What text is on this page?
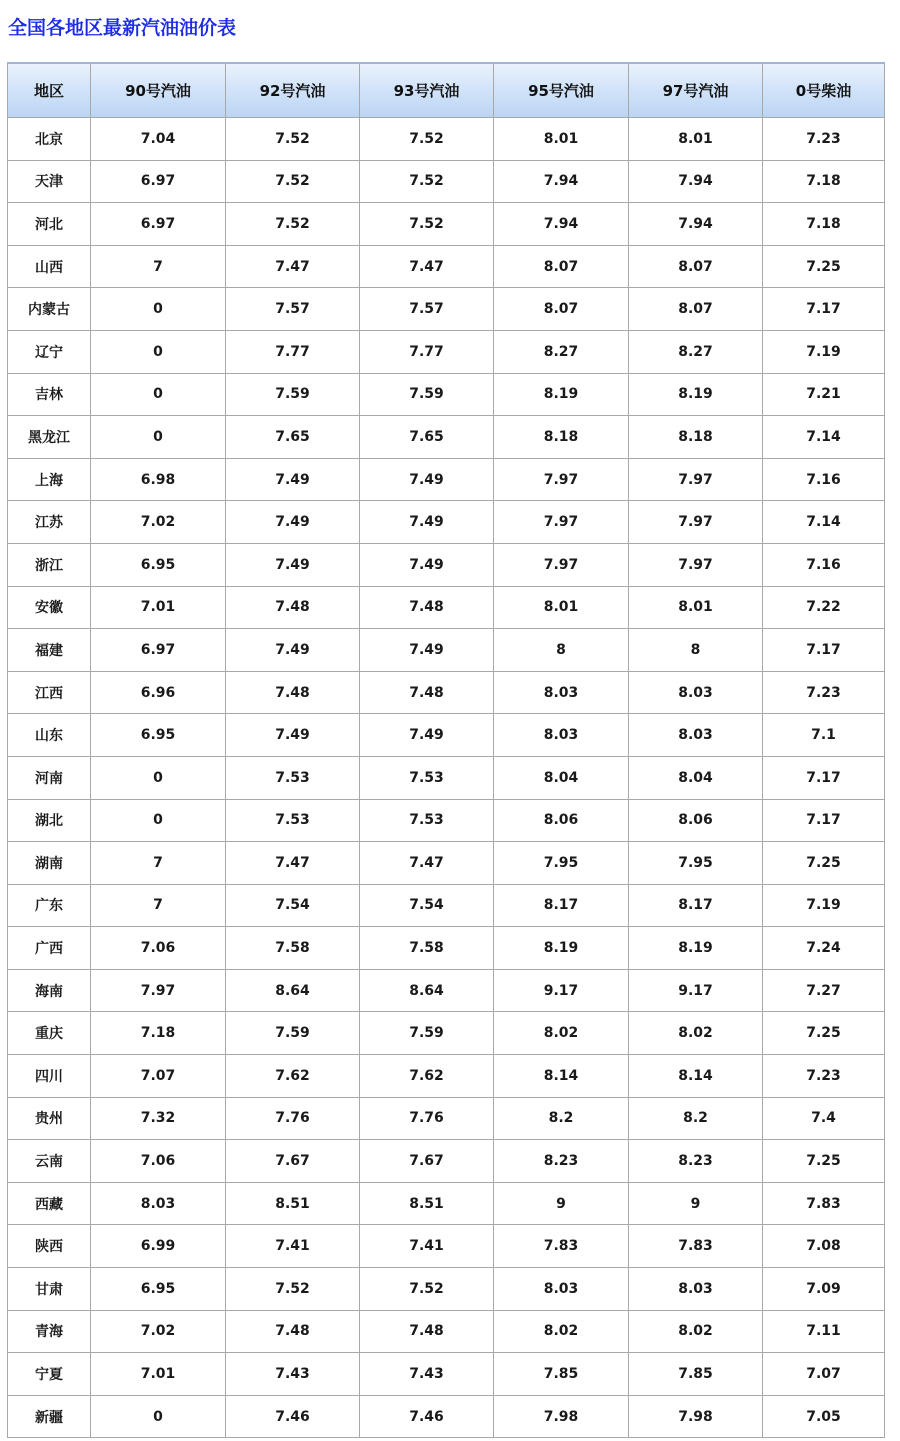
全国各地区最新汽油油价表
地区	90号汽油	92号汽油	93号汽油	95号汽油	97号汽油	0号柴油
北京	7.04	7.52	7.52	8.01	8.01	7.23
天津	6.97	7.52	7.52	7.94	7.94	7.18
河北	6.97	7.52	7.52	7.94	7.94	7.18
山西	7	7.47	7.47	8.07	8.07	7.25
内蒙古	0	7.57	7.57	8.07	8.07	7.17
辽宁	0	7.77	7.77	8.27	8.27	7.19
吉林	0	7.59	7.59	8.19	8.19	7.21
黑龙江	0	7.65	7.65	8.18	8.18	7.14
上海	6.98	7.49	7.49	7.97	7.97	7.16
江苏	7.02	7.49	7.49	7.97	7.97	7.14
浙江	6.95	7.49	7.49	7.97	7.97	7.16
安徽	7.01	7.48	7.48	8.01	8.01	7.22
福建	6.97	7.49	7.49	8	8	7.17
江西	6.96	7.48	7.48	8.03	8.03	7.23
山东	6.95	7.49	7.49	8.03	8.03	7.1
河南	0	7.53	7.53	8.04	8.04	7.17
湖北	0	7.53	7.53	8.06	8.06	7.17
湖南	7	7.47	7.47	7.95	7.95	7.25
广东	7	7.54	7.54	8.17	8.17	7.19
广西	7.06	7.58	7.58	8.19	8.19	7.24
海南	7.97	8.64	8.64	9.17	9.17	7.27
重庆	7.18	7.59	7.59	8.02	8.02	7.25
四川	7.07	7.62	7.62	8.14	8.14	7.23
贵州	7.32	7.76	7.76	8.2	8.2	7.4
云南	7.06	7.67	7.67	8.23	8.23	7.25
西藏	8.03	8.51	8.51	9	9	7.83
陕西	6.99	7.41	7.41	7.83	7.83	7.08
甘肃	6.95	7.52	7.52	8.03	8.03	7.09
青海	7.02	7.48	7.48	8.02	8.02	7.11
宁夏	7.01	7.43	7.43	7.85	7.85	7.07
新疆	0	7.46	7.46	7.98	7.98	7.05
